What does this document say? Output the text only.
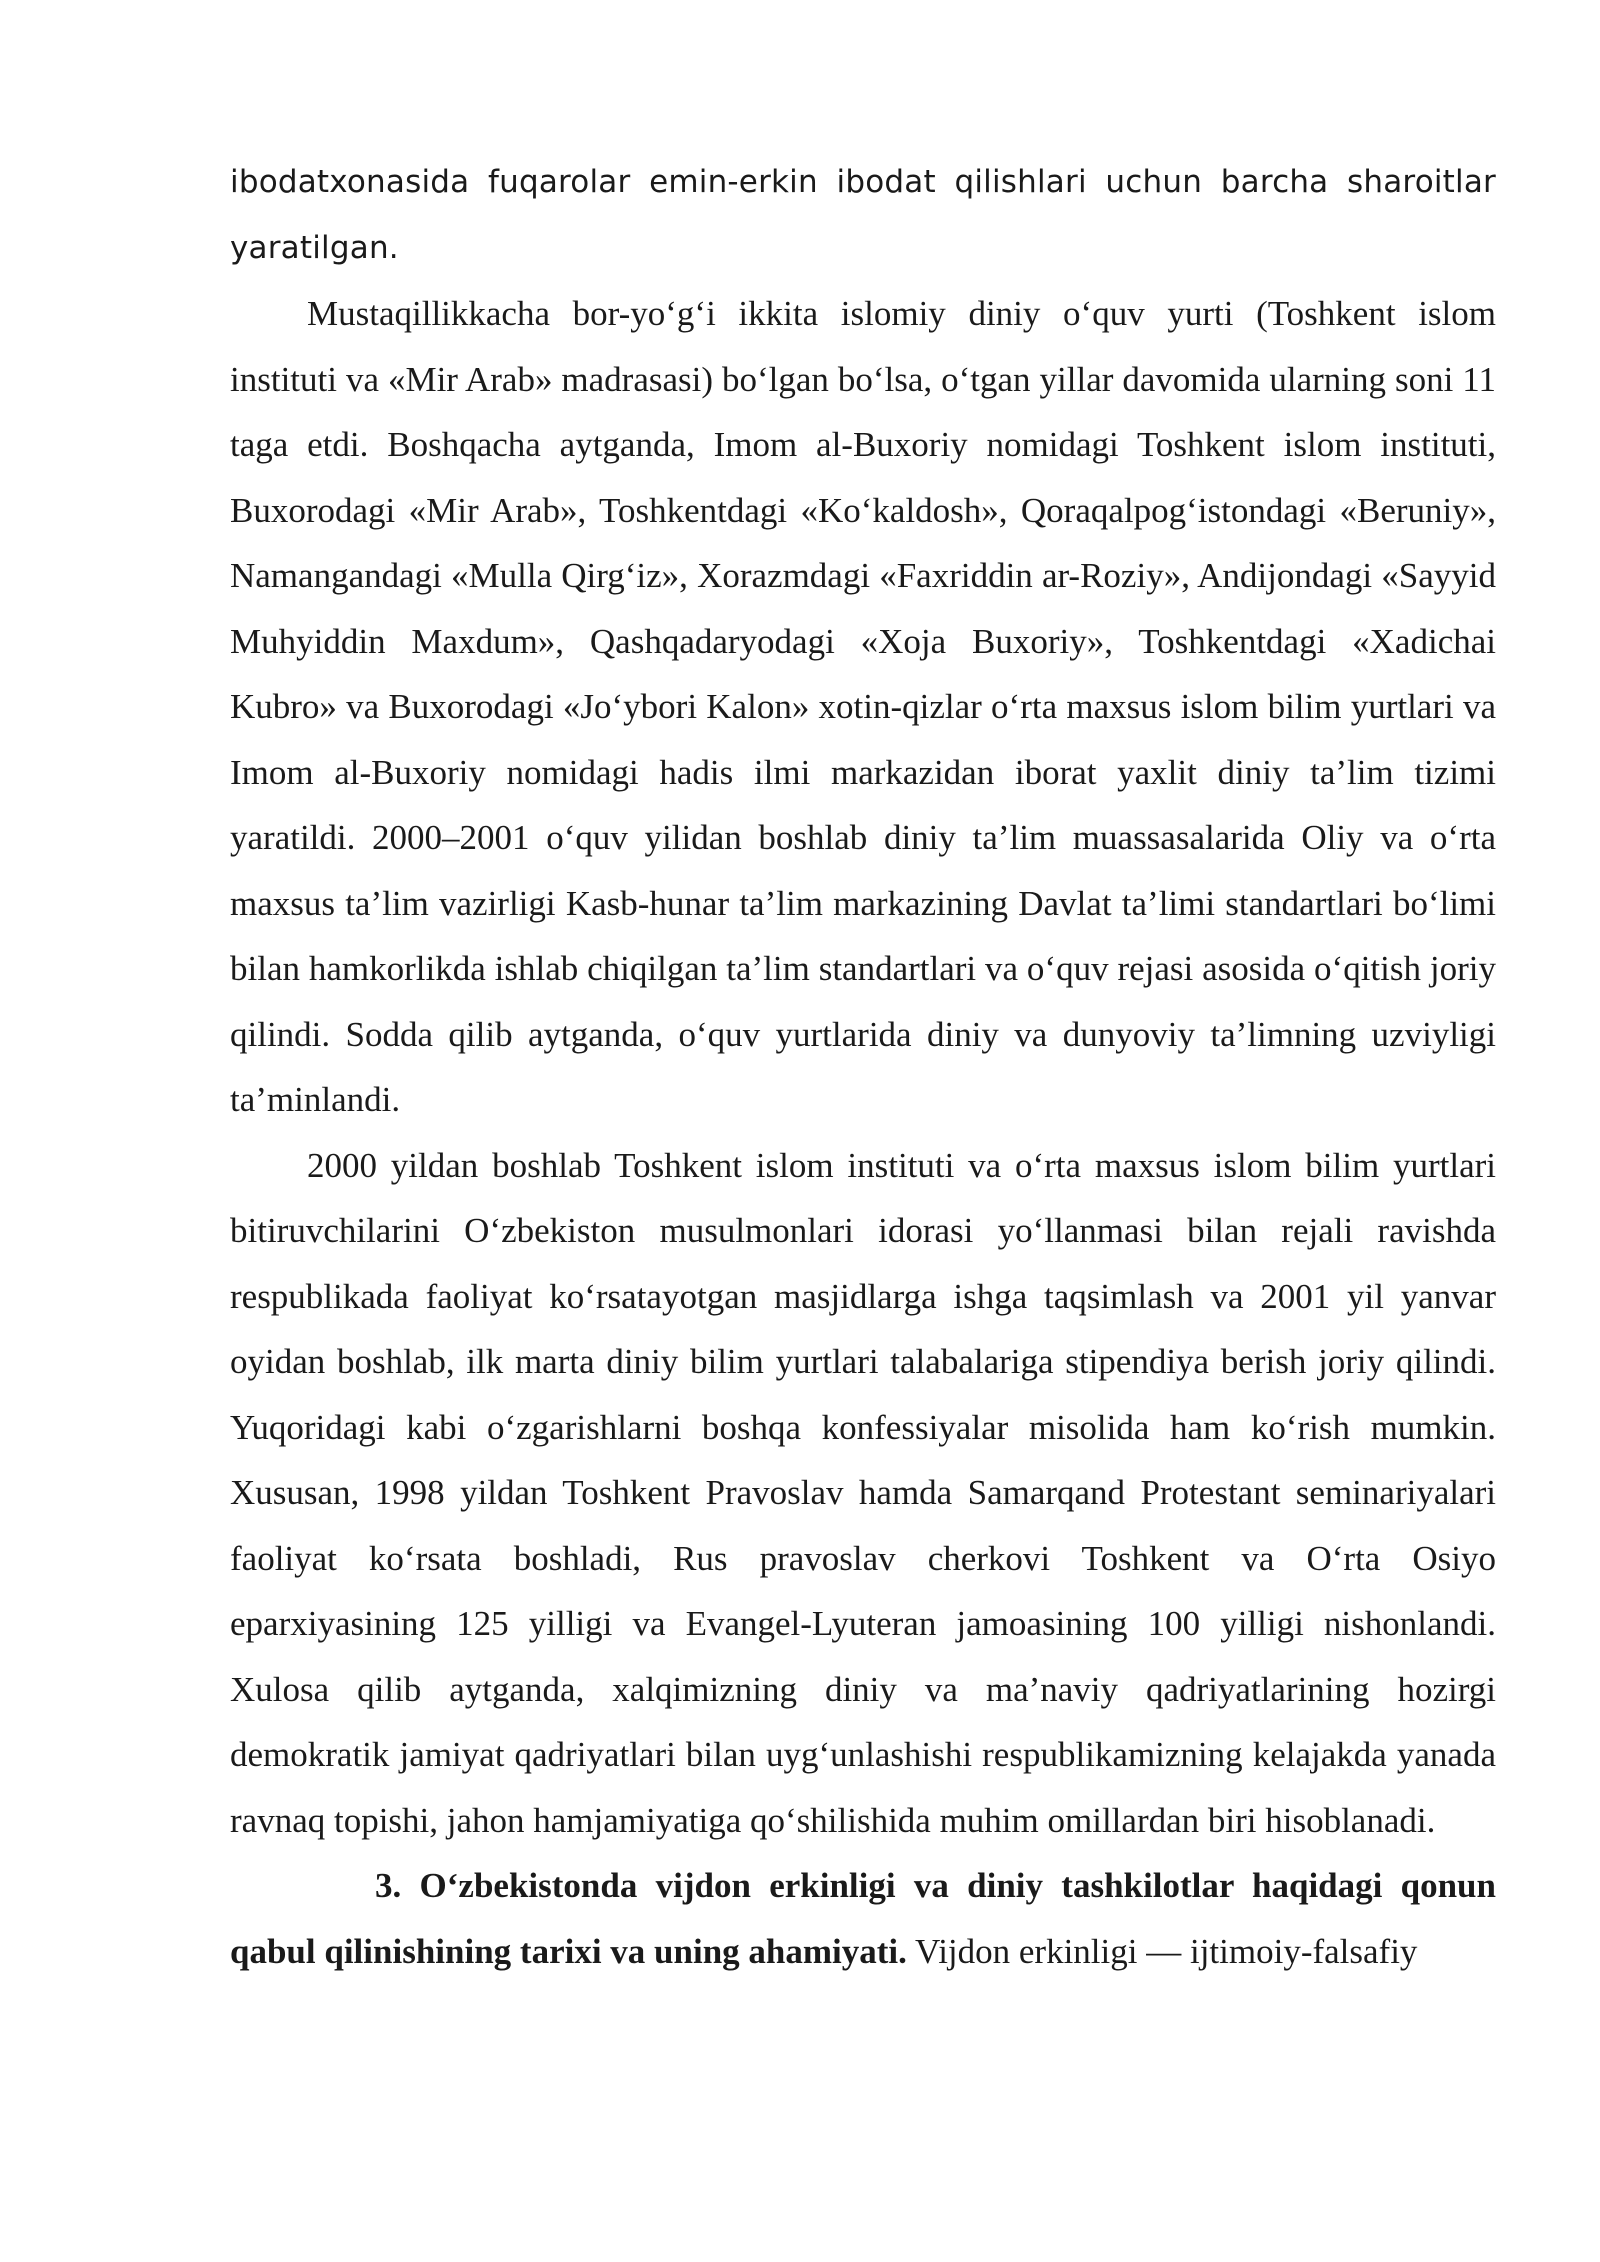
ibodatxonasida fuqarolar emin-erkin ibodat qilishlari uchun barcha sharoitlar yaratilgan.

Mustaqillikkacha bor-yo‘g‘i ikkita islomiy diniy o‘quv yurti (Toshkent islom instituti va «Mir Arab» madrasasi) bo‘lgan bo‘lsa, o‘tgan yillar davomida ularning soni 11 taga etdi. Boshqacha aytganda, Imom al-Buxoriy nomidagi Toshkent islom instituti, Buxorodagi «Mir Arab», Toshkentdagi «Ko‘kaldosh», Qoraqalpog‘istondagi «Beruniy», Namangandagi «Mulla Qirg‘iz», Xorazmdagi «Faxriddin ar-Roziy», Andijondagi «Sayyid Muhyiddin Maxdum», Qashqadaryodagi «Xoja Buxoriy», Toshkentdagi «Xadichai Kubro» va Buxorodagi «Jo‘ybori Kalon» xotin-qizlar o‘rta maxsus islom bilim yurtlari va Imom al-Buxoriy nomidagi hadis ilmi markazidan iborat yaxlit diniy ta’lim tizimi yaratildi. 2000–2001 o‘quv yilidan boshlab diniy ta’lim muassasalarida Oliy va o‘rta maxsus ta’lim vazirligi Kasb-hunar ta’lim markazining Davlat ta’limi standartlari bo‘limi bilan hamkorlikda ishlab chiqilgan ta’lim standartlari va o‘quv rejasi asosida o‘qitish joriy qilindi. Sodda qilib aytganda, o‘quv yurtlarida diniy va dunyoviy ta’limning uzviyligi ta’minlandi.

2000 yildan boshlab Toshkent islom instituti va o‘rta maxsus islom bilim yurtlari bitiruvchilarini O‘zbekiston musulmonlari idorasi yo‘llanmasi bilan rejali ravishda respublikada faoliyat ko‘rsatayotgan masjidlarga ishga taqsimlash va 2001 yil yanvar oyidan boshlab, ilk marta diniy bilim yurtlari talabalariga stipendiya berish joriy qilindi. Yuqoridagi kabi o‘zgarishlarni boshqa konfessiyalar misolida ham ko‘rish mumkin. Xususan, 1998 yildan Toshkent Pravoslav hamda Samarqand Protestant seminariyalari faoliyat ko‘rsata boshladi, Rus pravoslav cherkovi Toshkent va O‘rta Osiyo eparxiyasining 125 yilligi va Evangel-Lyuteran jamoasining 100 yilligi nishonlandi. Xulosa qilib aytganda, xalqimizning diniy va ma’naviy qadriyatlarining hozirgi demokratik jamiyat qadriyatlari bilan uyg‘unlashishi respublikamizning kelajakda yanada ravnaq topishi, jahon hamjamiyatiga qo‘shilishida muhim omillardan biri hisoblanadi.

3. O‘zbekistonda vijdon erkinligi va diniy tashkilotlar haqidagi qonun qabul qilinishining tarixi va uning ahamiyati. Vijdon erkinligi — ijtimoiy-falsafiy
